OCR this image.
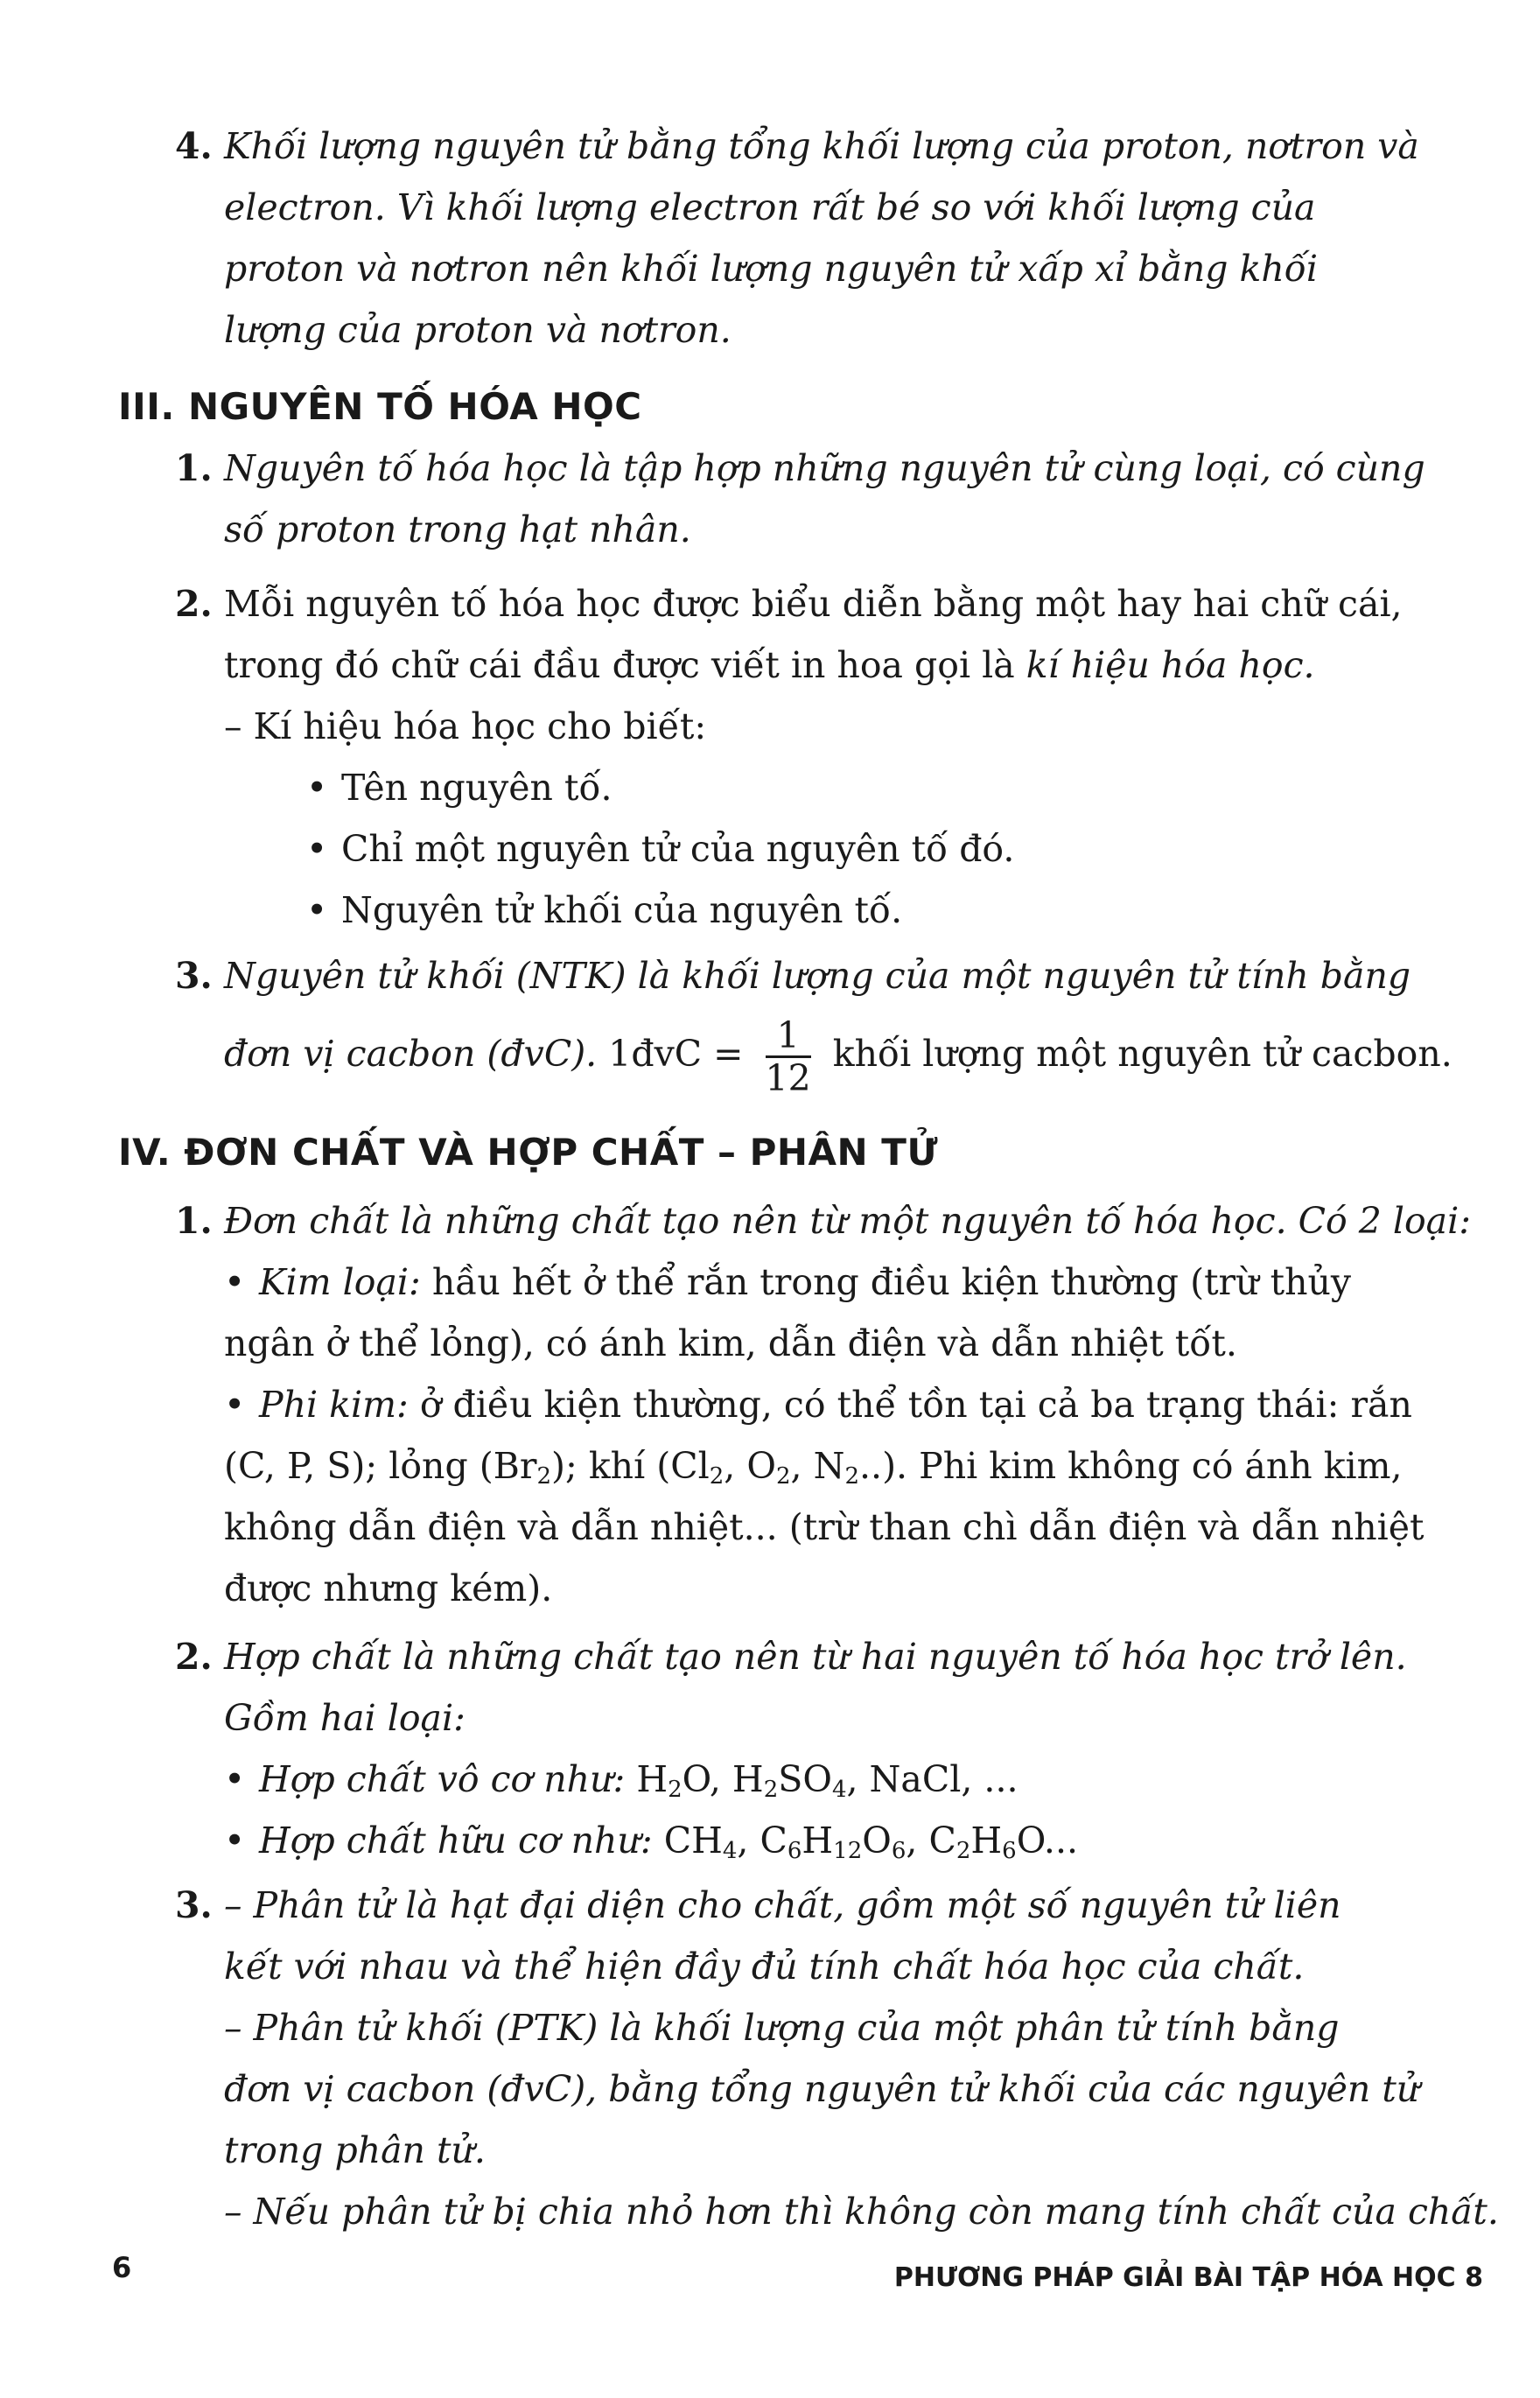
4. Khối lượng nguyên tử bằng tổng khối lượng của proton, nơtron và
electron. Vì khối lượng electron rất bé so với khối lượng của
proton và nơtron nên khối lượng nguyên tử xấp xỉ bằng khối
lượng của proton và nơtron.
III. NGUYÊN TỐ HÓA HỌC
1. Nguyên tố hóa học là tập hợp những nguyên tử cùng loại, có cùng
số proton trong hạt nhân.
2. Mỗi nguyên tố hóa học được biểu diễn bằng một hay hai chữ cái,
trong đó chữ cái đầu được viết in hoa gọi là kí hiệu hóa học.
– Kí hiệu hóa học cho biết:
• Tên nguyên tố.
• Chỉ một nguyên tử của nguyên tố đó.
• Nguyên tử khối của nguyên tố.
3. Nguyên tử khối (NTK) là khối lượng của một nguyên tử tính bằng
đơn vị cacbon (đvC). 1đvC = $\frac{1}{12}$ khối lượng một nguyên tử cacbon.
IV. ĐƠN CHẤT VÀ HỢP CHẤT – PHÂN TỬ
1. Đơn chất là những chất tạo nên từ một nguyên tố hóa học. Có 2 loại:
• Kim loại: hầu hết ở thể rắn trong điều kiện thường (trừ thủy
ngân ở thể lỏng), có ánh kim, dẫn điện và dẫn nhiệt tốt.
• Phi kim: ở điều kiện thường, có thể tồn tại cả ba trạng thái: rắn
(C, P, S); lỏng $(Br_2)$; khí ($Cl_2$, $O_2$, $N_2$..). Phi kim không có ánh kim,
không dẫn điện và dẫn nhiệt... (trừ than chì dẫn điện và dẫn nhiệt
được nhưng kém).
2. Hợp chất là những chất tạo nên từ hai nguyên tố hóa học trở lên.
Gồm hai loại:
• Hợp chất vô cơ như: $H_2O$, $H_2SO_4$, NaCl, ...
• Hợp chất hữu cơ như: $CH_4$, $C_6H_{12}O_6$, $C_2H_6O$...
3. – Phân tử là hạt đại diện cho chất, gồm một số nguyên tử liên
kết với nhau và thể hiện đầy đủ tính chất hóa học của chất.
– Phân tử khối (PTK) là khối lượng của một phân tử tính bằng
đơn vị cacbon (đvC), bằng tổng nguyên tử khối của các nguyên tử
trong phân tử.
– Nếu phân tử bị chia nhỏ hơn thì không còn mang tính chất của chất.
6	PHƯƠNG PHÁP GIẢI BÀI TẬP HÓA HỌC 8
